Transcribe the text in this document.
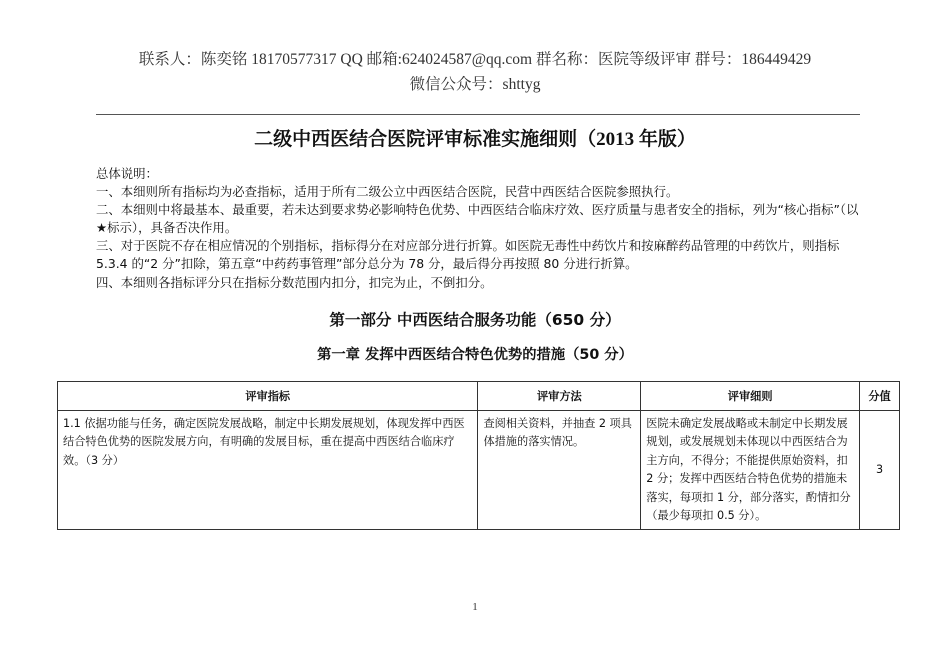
联系人：陈奕铭 18170577317 QQ 邮箱:624024587@qq.com 群名称：医院等级评审 群号：186449429
微信公众号：shttyg
二级中西医结合医院评审标准实施细则（2013 年版）

总体说明：

一、本细则所有指标均为必查指标，适用于所有二级公立中西医结合医院，民营中西医结合医院参照执行。

二、本细则中将最基本、最重要，若未达到要求势必影响特色优势、中西医结合临床疗效、医疗质量与患者安全的指标，列为“核心指标”（以★标示），具备否决作用。

三、对于医院不存在相应情况的个别指标，指标得分在对应部分进行折算。如医院无毒性中药饮片和按麻醉药品管理的中药饮片，则指标 5.3.4 的“2 分”扣除，第五章“中药药事管理”部分总分为 78 分，最后得分再按照 80 分进行折算。

四、本细则各指标评分只在指标分数范围内扣分，扣完为止，不倒扣分。

第一部分 中西医结合服务功能（650 分）
第一章 发挥中西医结合特色优势的措施（50 分）
评审指标	评审方法	评审细则	分值
1.1 依据功能与任务，确定医院发展战略，制定中长期发展规划，体现发挥中西医结合特色优势的医院发展方向，有明确的发展目标，重在提高中西医结合临床疗效。（3 分）	查阅相关资料，并抽查 2 项具体措施的落实情况。	医院未确定发展战略或未制定中长期发展规划，或发展规划未体现以中西医结合为主方向，不得分；不能提供原始资料，扣 2 分；发挥中西医结合特色优势的措施未落实，每项扣 1 分，部分落实，酌情扣分（最少每项扣 0.5 分）。	3
1
